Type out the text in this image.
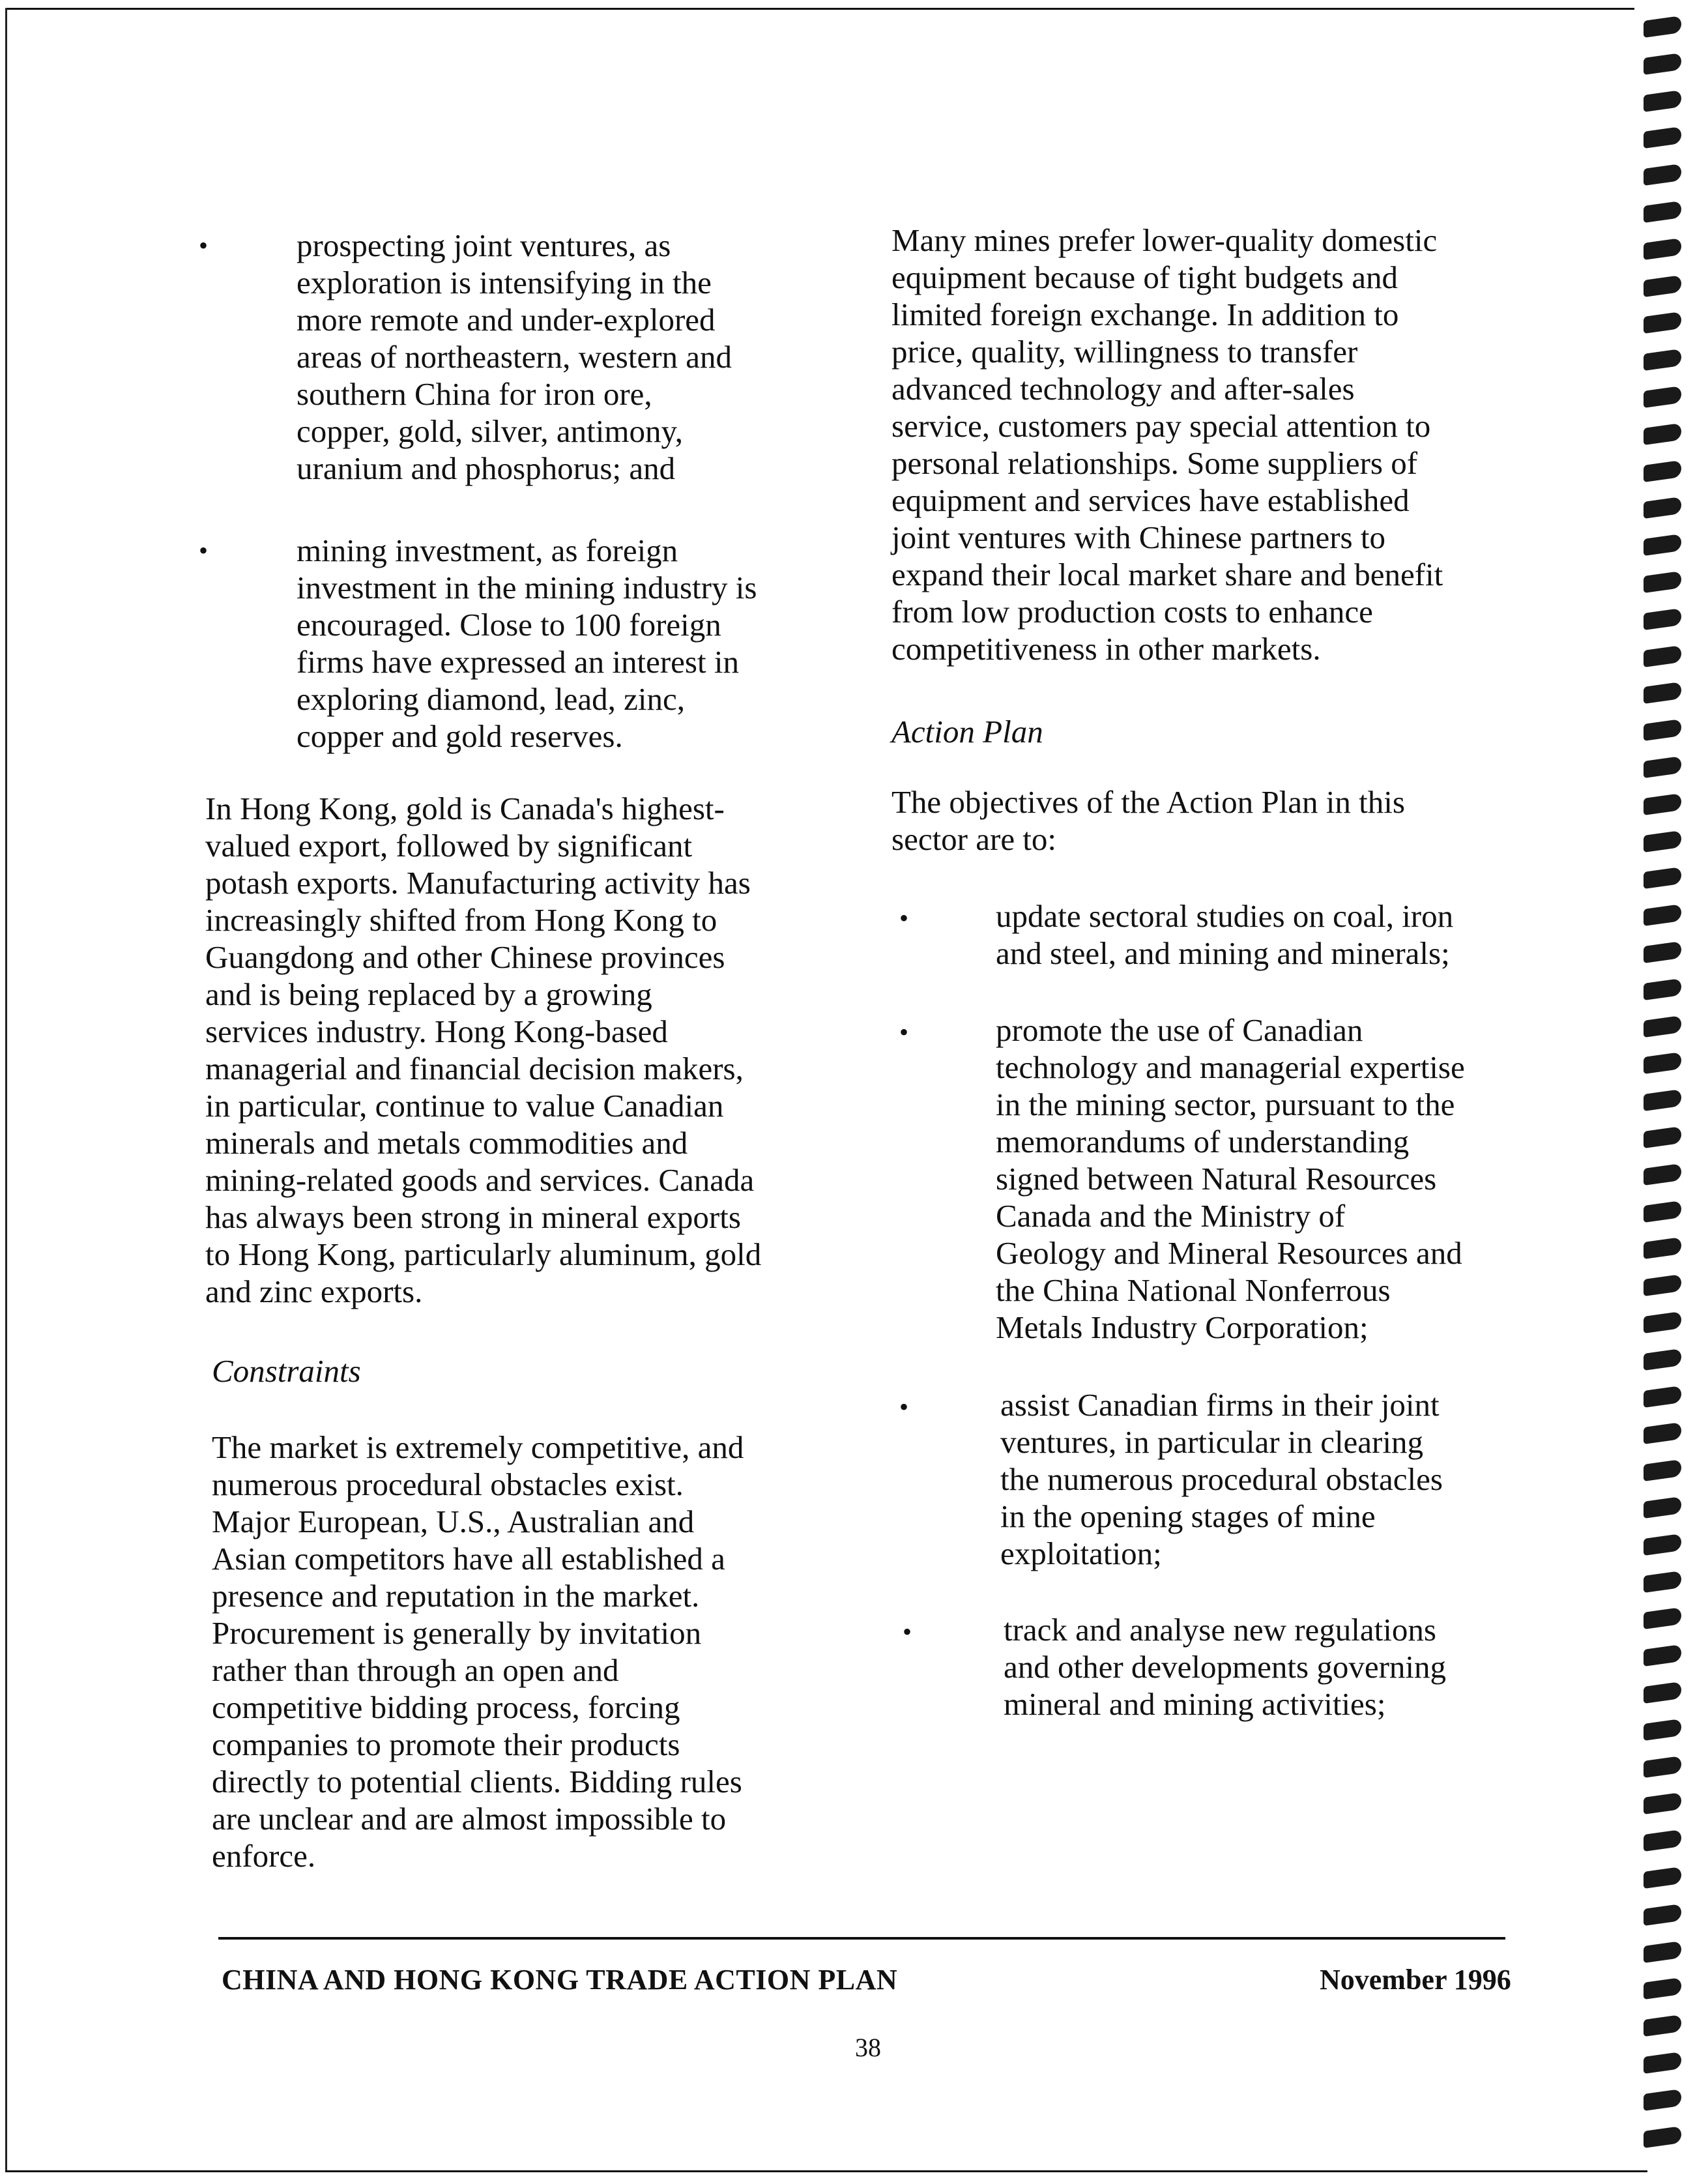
•	prospecting joint ventures, as

exploration is intensifying in the

more remote and under-explored

areas of northeastern, western and

southern China for iron ore,

copper, gold, silver, antimony,

uranium and phosphorus; and

•	mining investment, as foreign

investment in the mining industry is

encouraged. Close to 100 foreign

firms have expressed an interest in

exploring diamond, lead, zinc,

copper and gold reserves.

In Hong Kong, gold is Canada's highest-

valued export, followed by significant

potash exports. Manufacturing activity has

increasingly shifted from Hong Kong to

Guangdong and other Chinese provinces

and is being replaced by a growing

services industry. Hong Kong-based

managerial and financial decision makers,

in particular, continue to value Canadian

minerals and metals commodities and

mining-related goods and services. Canada

has always been strong in mineral exports

to Hong Kong, particularly aluminum, gold

and zinc exports.

Constraints

The market is extremely competitive, and

numerous procedural obstacles exist.

Major European, U.S., Australian and

Asian competitors have all established a

presence and reputation in the market.

Procurement is generally by invitation

rather than through an open and

competitive bidding process, forcing

companies to promote their products

directly to potential clients. Bidding rules

are unclear and are almost impossible to

enforce.

Many mines prefer lower-quality domestic

equipment because of tight budgets and

limited foreign exchange. In addition to

price, quality, willingness to transfer

advanced technology and after-sales

service, customers pay special attention to

personal relationships. Some suppliers of

equipment and services have established

joint ventures with Chinese partners to

expand their local market share and benefit

from low production costs to enhance

competitiveness in other markets.

Action Plan

The objectives of the Action Plan in this

sector are to:

•	update sectoral studies on coal, iron

and steel, and mining and minerals;

•	promote the use of Canadian

technology and managerial expertise

in the mining sector, pursuant to the

memorandums of understanding

signed between Natural Resources

Canada and the Ministry of

Geology and Mineral Resources and

the China National Nonferrous

Metals Industry Corporation;

•	assist Canadian firms in their joint

ventures, in particular in clearing

the numerous procedural obstacles

in the opening stages of mine

exploitation;

•	track and analyse new regulations

and other developments governing

mineral and mining activities;

CHINA AND HONG KONG TRADE ACTION PLAN	November 1996
38
